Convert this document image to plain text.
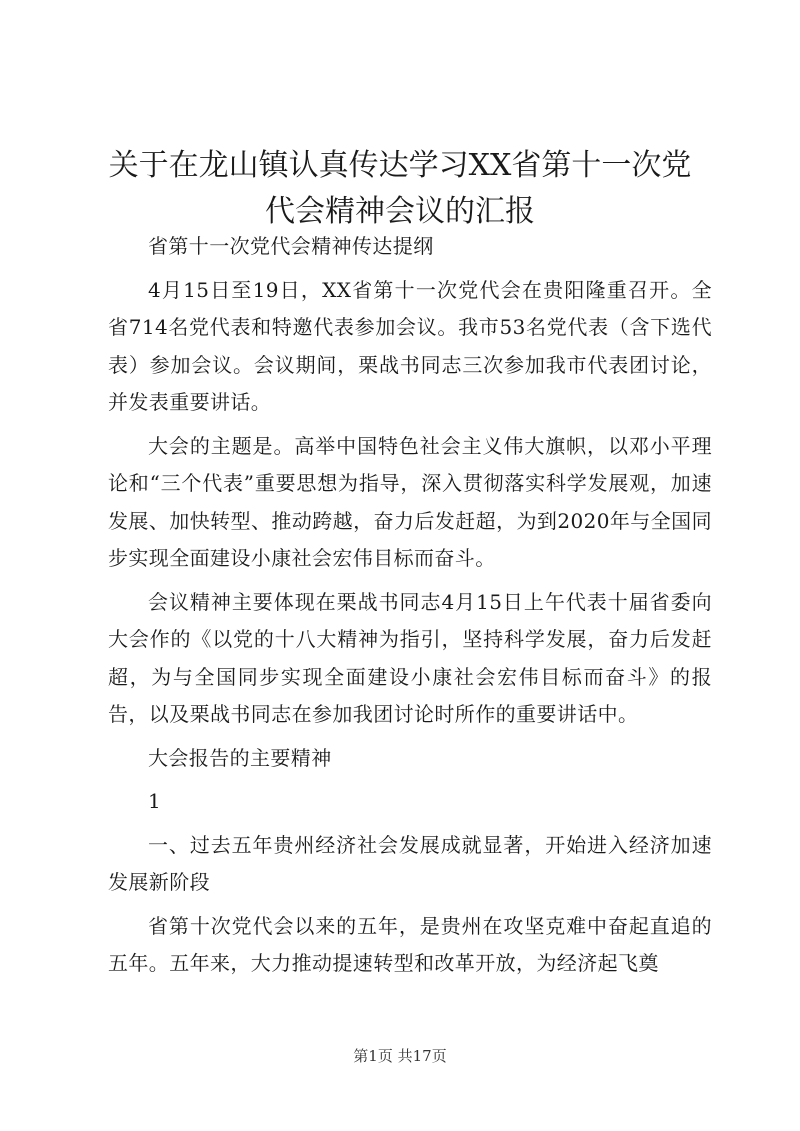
关于在龙山镇认真传达学习XX省第十一次党
代会精神会议的汇报

省第十一次党代会精神传达提纲

4月15日至19日，XX省第十一次党代会在贵阳隆重召开。全省714名党代表和特邀代表参加会议。我市53名党代表（含下选代表）参加会议。会议期间，栗战书同志三次参加我市代表团讨论，并发表重要讲话。

大会的主题是。高举中国特色社会主义伟大旗帜，以邓小平理论和“三个代表”重要思想为指导，深入贯彻落实科学发展观，加速发展、加快转型、推动跨越，奋力后发赶超，为到2020年与全国同步实现全面建设小康社会宏伟目标而奋斗。

会议精神主要体现在栗战书同志4月15日上午代表十届省委向大会作的《以党的十八大精神为指引，坚持科学发展，奋力后发赶超，为与全国同步实现全面建设小康社会宏伟目标而奋斗》的报告，以及栗战书同志在参加我团讨论时所作的重要讲话中。

大会报告的主要精神

1

一、过去五年贵州经济社会发展成就显著，开始进入经济加速发展新阶段

省第十次党代会以来的五年，是贵州在攻坚克难中奋起直追的五年。五年来，大力推动提速转型和改革开放，为经济起飞奠

第1页 共17页
